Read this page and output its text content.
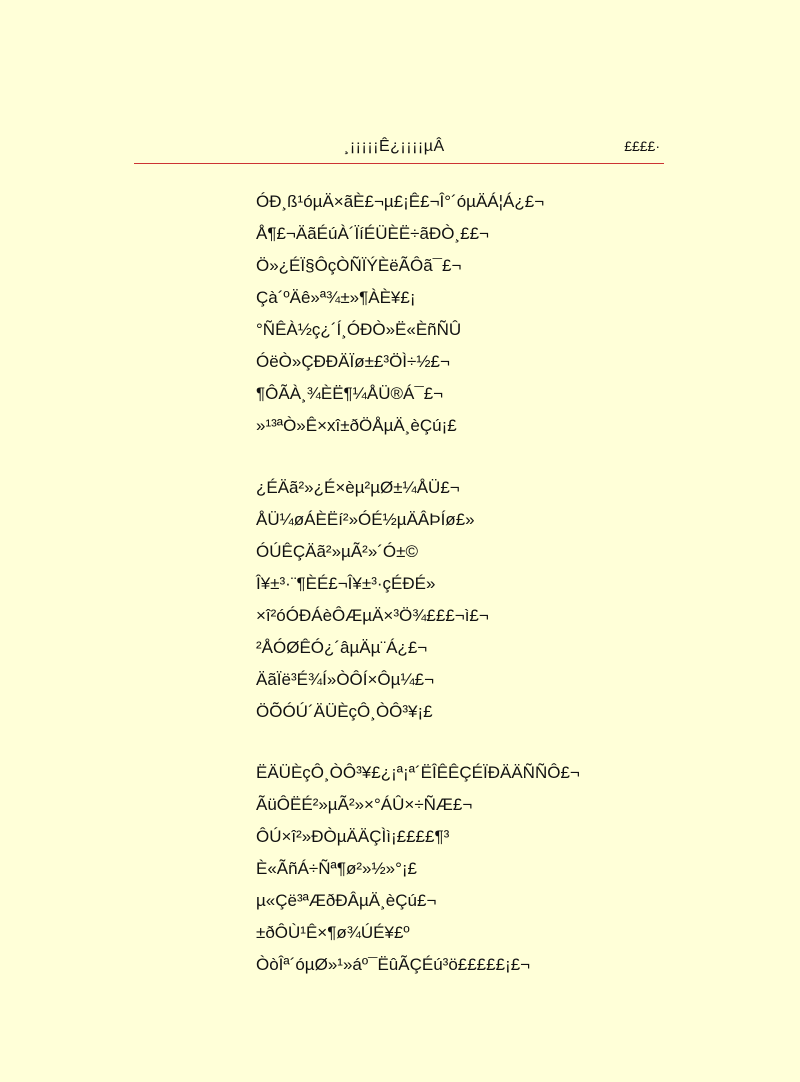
¸¡¡¡¡¡Ê¿¡¡¡¡µÂ	££££·
ÓÐ¸ß¹óµÄ×ãÈ£¬µ£¡Ê£¬Î°´óµÄÁ¦Á¿£¬
Å¶£¬ÄãÉúÀ´ÏíÉÜÈË÷ãÐÒ¸££¬
Ö»¿ÉÏ§ÔçÒÑÏÝÈëÃÔã¯£¬
Çà´ºÄê»ª¾±»¶ÀÈ¥£¡
°ÑÊÀ½ç¿´Í¸ÓÐÒ»Ë«ÈñÑÛ
ÓëÒ»ÇÐÐÄÏø±£³ÖÌ÷½£¬
¶ÔÃÀ¸¾ÈË¶¼ÅÜ®Á¯£¬
»¹³ªÒ»Ê×xî±ðÖÅµÄ¸èÇú¡£
¿ÉÄã²»¿É×èµ²µØ±¼ÅÜ£¬
ÅÜ¼øÁÈËí²»ÓÉ½µÄÂÞÍø£»
ÓÚÊÇÄã²»µÃ²»´Ó±©
Î¥±³·¨¶ÈÉ£¬Î¥±³·çÉÐÉ»
×î²óÓÐÁèÔÆµÄ×³Ö¾£££¬ì£¬
²ÅÓØÊÓ¿´âµÄµ¨Á¿£¬
ÄãÏë³É¾Í»ÒÔÍ×Ôµ¼£¬
ÖÕÓÚ´ÄÜÈçÔ¸ÒÔ³¥¡£
ËÄÜÈçÔ¸ÒÔ³¥£¿¡ª¡ª´ËÎÊÊÇÉÏÐÄÄÑÑÔ£¬
ÃüÔËÉ²»µÃ²»×°ÁÛ×÷ÑÆ£¬
ÔÚ×î²»ÐÒµÄÄÇÌì¡££££¶³
È«ÃñÁ÷Ñª¶ø²»½»°¡£
µ«Çë³ªÆðÐÂµÄ¸èÇú£¬
±ðÔÙ¹Ê×¶ø¾ÚÉ¥£º
ÒòÎª´óµØ»¹»áº¯ËûÃÇÉú³ö£££££¡£¬
